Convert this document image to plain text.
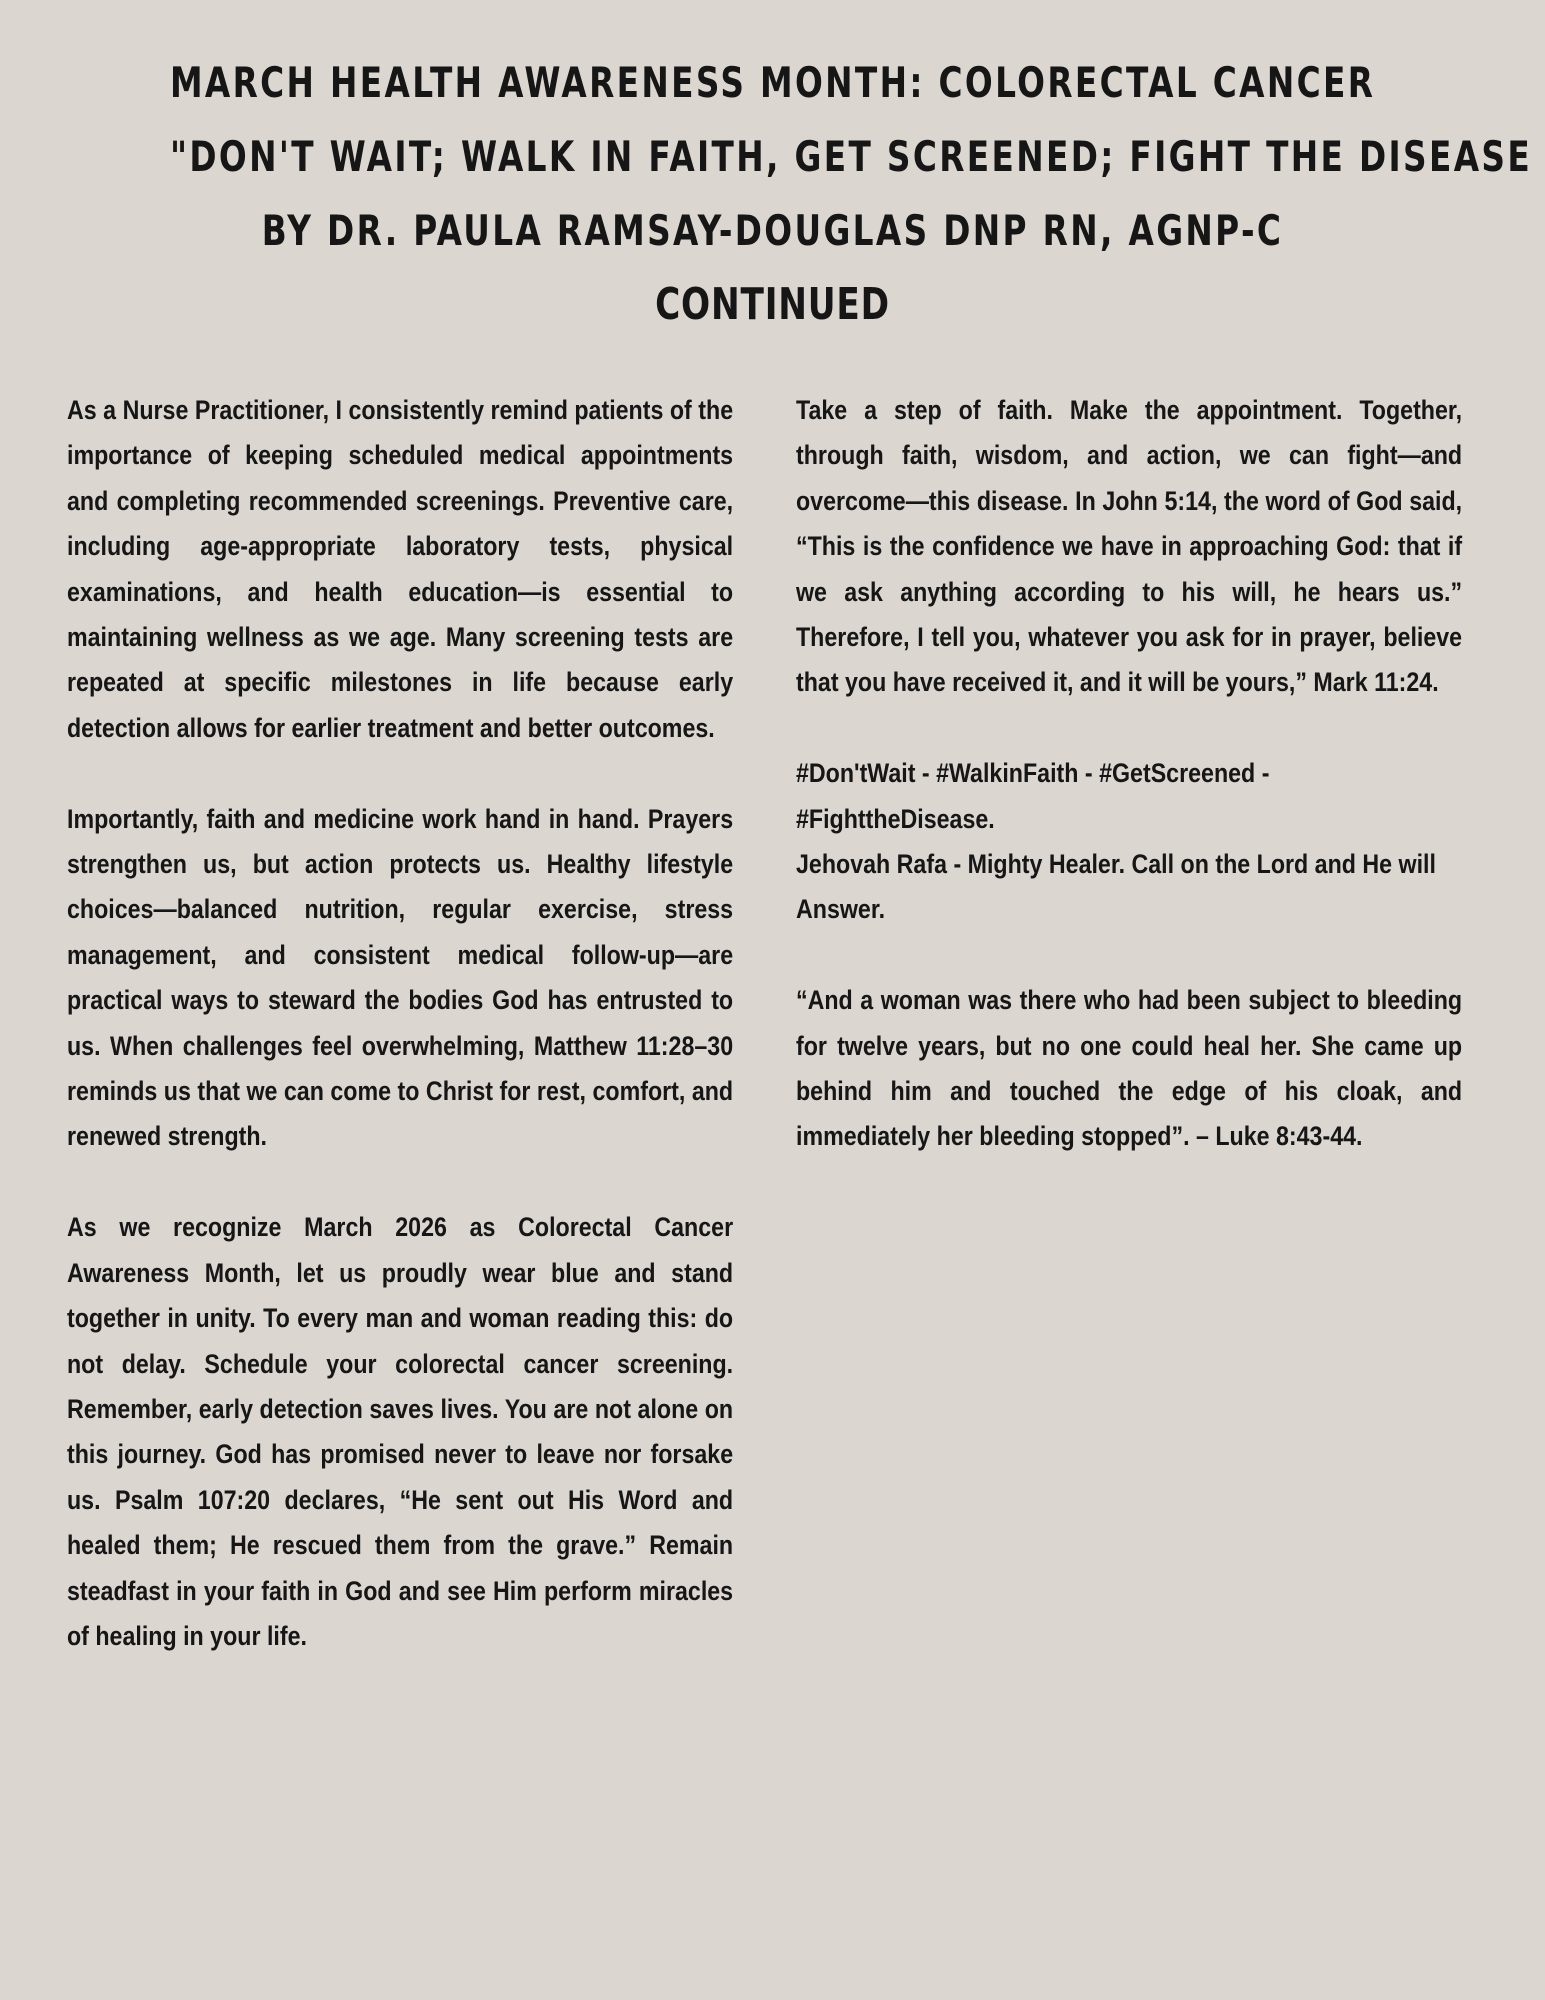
MARCH HEALTH AWARENESS MONTH: COLORECTAL CANCER
"DON'T WAIT; WALK IN FAITH, GET SCREENED; FIGHT THE DISEASE
BY DR. PAULA RAMSAY-DOUGLAS DNP RN, AGNP-C
CONTINUED

As a Nurse Practitioner, I consistently remind patients of the importance of keeping scheduled medical appointments and completing recommended screenings. Preventive care, including age-appropriate laboratory tests, physical examinations, and health education—is essential to maintaining wellness as we age. Many screening tests are repeated at specific milestones in life because early detection allows for earlier treatment and better outcomes.

Importantly, faith and medicine work hand in hand. Prayers strengthen us, but action protects us. Healthy lifestyle choices—balanced nutrition, regular exercise, stress management, and consistent medical follow-up—are practical ways to steward the bodies God has entrusted to us. When challenges feel overwhelming, Matthew 11:28–30 reminds us that we can come to Christ for rest, comfort, and renewed strength.

As we recognize March 2026 as Colorectal Cancer Awareness Month, let us proudly wear blue and stand together in unity. To every man and woman reading this: do not delay. Schedule your colorectal cancer screening. Remember, early detection saves lives. You are not alone on this journey. God has promised never to leave nor forsake us. Psalm 107:20 declares, “He sent out His Word and healed them; He rescued them from the grave.” Remain steadfast in your faith in God and see Him perform miracles of healing in your life.

Take a step of faith. Make the appointment. Together, through faith, wisdom, and action, we can fight—and overcome—this disease. In John 5:14, the word of God said, “This is the confidence we have in approaching God: that if we ask anything according to his will, he hears us.” Therefore, I tell you, whatever you ask for in prayer, believe that you have received it, and it will be yours,” Mark 11:24.

#Don'tWait - #WalkinFaith - #GetScreened - #FighttheDisease.
Jehovah Rafa - Mighty Healer. Call on the Lord and He will Answer.

“And a woman was there who had been subject to bleeding for twelve years, but no one could heal her. She came up behind him and touched the edge of his cloak, and immediately her bleeding stopped”. – Luke 8:43-44.
